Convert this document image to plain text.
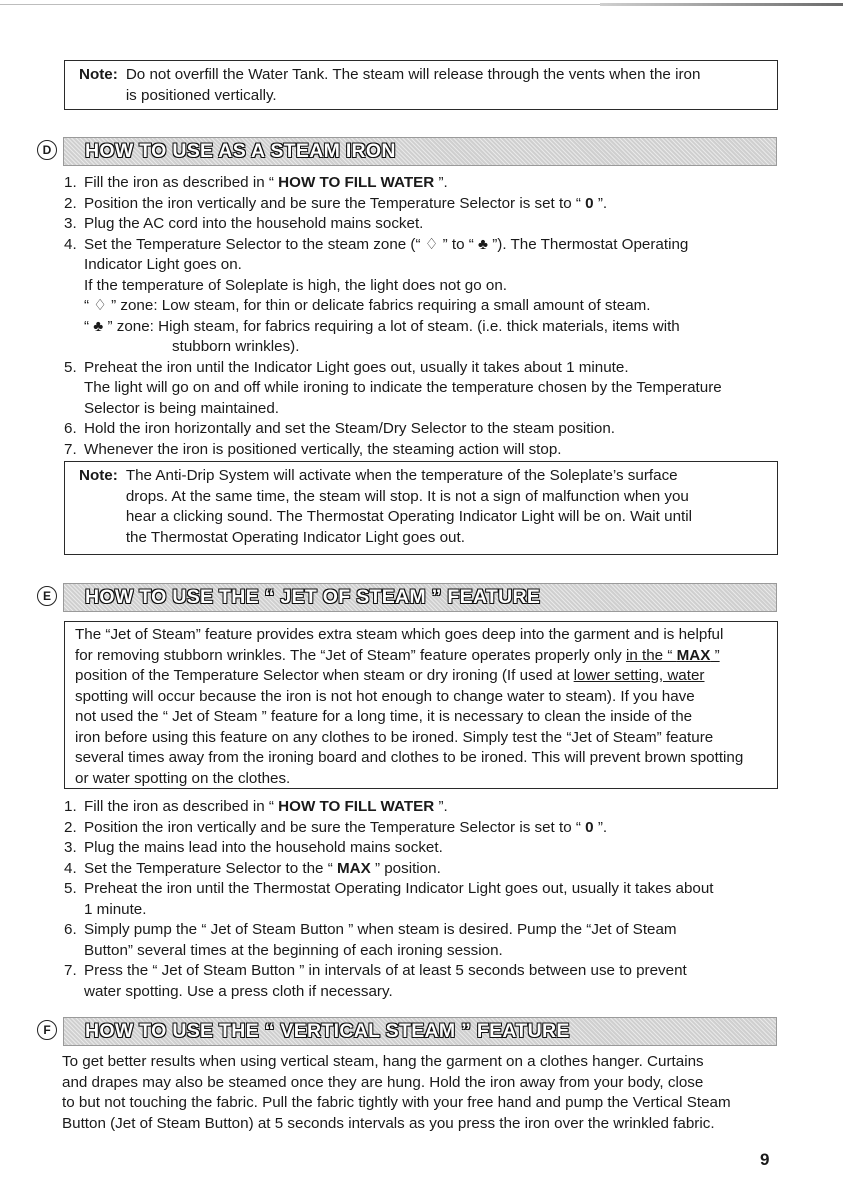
Note: Do not overfill the Water Tank. The steam will release through the vents when the iron
is positioned vertically.
D HOW TO USE AS A STEAM IRON
1. Fill the iron as described in “ HOW TO FILL WATER ”.
2. Position the iron vertically and be sure the Temperature Selector is set to “ 0 ”.
3. Plug the AC cord into the household mains socket.
4. Set the Temperature Selector to the steam zone (“ ♢ ” to “ ♣ ”). The Thermostat Operating
Indicator Light goes on.
If the temperature of Soleplate is high, the light does not go on.
“ ♢ ” zone: Low steam, for thin or delicate fabrics requiring a small amount of steam.
“ ♣ ” zone: High steam, for fabrics requiring a lot of steam. (i.e. thick materials, items with
stubborn wrinkles).
5. Preheat the iron until the Indicator Light goes out, usually it takes about 1 minute.
The light will go on and off while ironing to indicate the temperature chosen by the Temperature
Selector is being maintained.
6. Hold the iron horizontally and set the Steam/Dry Selector to the steam position.
7. Whenever the iron is positioned vertically, the steaming action will stop.
Note: The Anti-Drip System will activate when the temperature of the Soleplate’s surface
drops. At the same time, the steam will stop. It is not a sign of malfunction when you
hear a clicking sound. The Thermostat Operating Indicator Light will be on. Wait until
the Thermostat Operating Indicator Light goes out.
E	HOW TO USE THE “ JET OF STEAM ” FEATURE
The “Jet of Steam” feature provides extra steam which goes deep into the garment and is helpful
for removing stubborn wrinkles. The “Jet of Steam” feature operates properly only in the “ MAX ”
position of the Temperature Selector when steam or dry ironing (If used at lower setting, water
spotting will occur because the iron is not hot enough to change water to steam). If you have
not used the “ Jet of Steam ” feature for a long time, it is necessary to clean the inside of the
iron before using this feature on any clothes to be ironed. Simply test the “Jet of Steam” feature
several times away from the ironing board and clothes to be ironed. This will prevent brown spotting
or water spotting on the clothes.
1. Fill the iron as described in “ HOW TO FILL WATER ”.
2. Position the iron vertically and be sure the Temperature Selector is set to “ 0 ”.
3. Plug the mains lead into the household mains socket.
4. Set the Temperature Selector to the “ MAX ” position.
5. Preheat the iron until the Thermostat Operating Indicator Light goes out, usually it takes about
1 minute.
6. Simply pump the “ Jet of Steam Button ” when steam is desired. Pump the “Jet of Steam
Button” several times at the beginning of each ironing session.
7. Press the “ Jet of Steam Button ” in intervals of at least 5 seconds between use to prevent
water spotting. Use a press cloth if necessary.
F	HOW TO USE THE “ VERTICAL STEAM ” FEATURE
To get better results when using vertical steam, hang the garment on a clothes hanger. Curtains
and drapes may also be steamed once they are hung. Hold the iron away from your body, close
to but not touching the fabric. Pull the fabric tightly with your free hand and pump the Vertical Steam
Button (Jet of Steam Button) at 5 seconds intervals as you press the iron over the wrinkled fabric.
9
